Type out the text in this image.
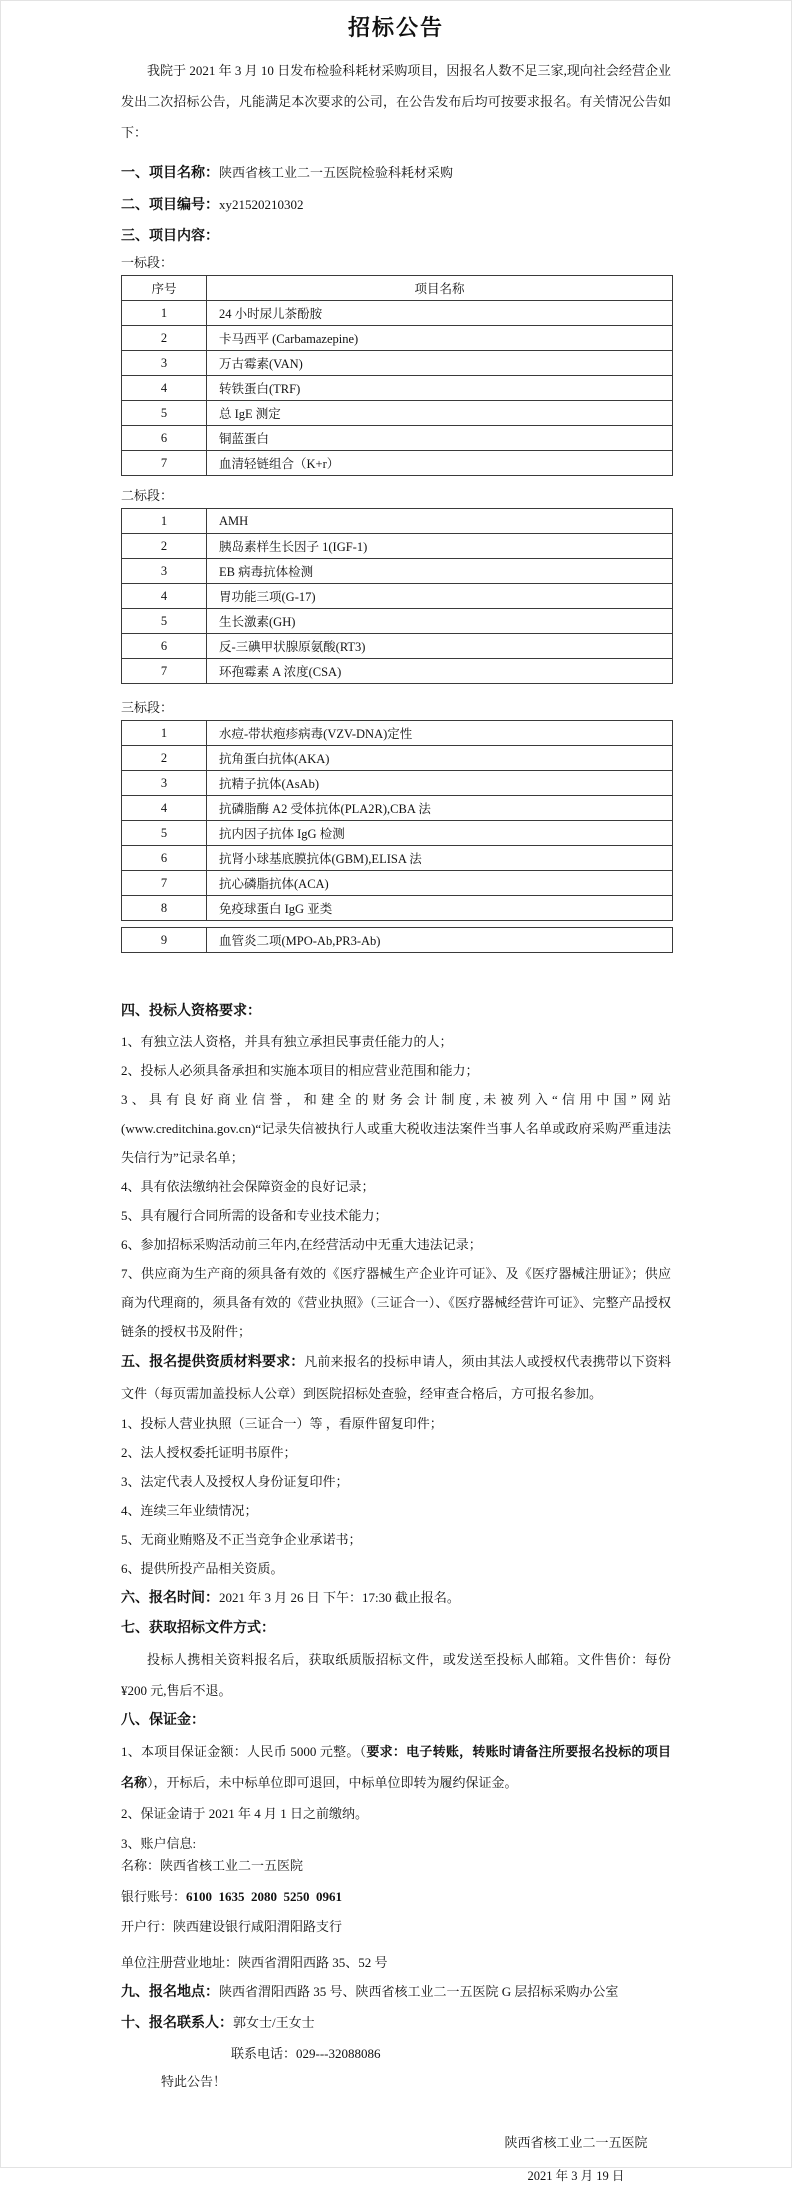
招标公告

我院于 2021 年 3 月 10 日发布检验科耗材采购项目，因报名人数不足三家,现向社会经营企业发出二次招标公告，凡能满足本次要求的公司，在公告发布后均可按要求报名。有关情况公告如下：

一、项目名称：陕西省核工业二一五医院检验科耗材采购

二、项目编号：xy21520210302

三、项目内容：

一标段：

序号	项目名称
1	24 小时尿儿茶酚胺
2	卡马西平 (Carbamazepine)
3	万古霉素(VAN)
4	转铁蛋白(TRF)
5	总 IgE 测定
6	铜蓝蛋白
7	血清轻链组合（K+r）

二标段：

1	AMH
2	胰岛素样生长因子 1(IGF-1)
3	EB 病毒抗体检测
4	胃功能三项(G-17)
5	生长激素(GH)
6	反-三碘甲状腺原氨酸(RT3)
7	环孢霉素 A 浓度(CSA)

三标段：

1	水痘-带状疱疹病毒(VZV-DNA)定性
2	抗角蛋白抗体(AKA)
3	抗精子抗体(AsAb)
4	抗磷脂酶 A2 受体抗体(PLA2R),CBA 法
5	抗内因子抗体 IgG 检测
6	抗肾小球基底膜抗体(GBM),ELISA 法
7	抗心磷脂抗体(ACA)
8	免疫球蛋白 IgG 亚类
9	血管炎二项(MPO-Ab,PR3-Ab)

四、投标人资格要求：

1、有独立法人资格，并具有独立承担民事责任能力的人；

2、投标人必须具备承担和实施本项目的相应营业范围和能力；

3、具有良好商业信誉，和建全的财务会计制度,未被列入“信用中国”网站(www.creditchina.gov.cn)“记录失信被执行人或重大税收违法案件当事人名单或政府采购严重违法失信行为”记录名单；

4、具有依法缴纳社会保障资金的良好记录；

5、具有履行合同所需的设备和专业技术能力；

6、参加招标采购活动前三年内,在经营活动中无重大违法记录；

7、供应商为生产商的须具备有效的《医疗器械生产企业许可证》、及《医疗器械注册证》；供应商为代理商的，须具备有效的《营业执照》（三证合一）、《医疗器械经营许可证》、完整产品授权链条的授权书及附件；

五、报名提供资质材料要求：凡前来报名的投标申请人，须由其法人或授权代表携带以下资料文件（每页需加盖投标人公章）到医院招标处查验，经审查合格后，方可报名参加。

1、投标人营业执照（三证合一）等 ，看原件留复印件；

2、法人授权委托证明书原件；

3、法定代表人及授权人身份证复印件；

4、连续三年业绩情况；

5、无商业贿赂及不正当竞争企业承诺书；

6、提供所投产品相关资质。

六、报名时间：2021 年 3 月 26 日 下午：17:30 截止报名。

七、获取招标文件方式：

投标人携相关资料报名后，获取纸质版招标文件，或发送至投标人邮箱。文件售价：每份¥200 元,售后不退。

八、保证金：

1、本项目保证金额：人民币 5000 元整。（要求：电子转账，转账时请备注所要报名投标的项目名称），开标后，未中标单位即可退回，中标单位即转为履约保证金。

2、保证金请于 2021 年 4 月 1 日之前缴纳。

3、账户信息:

名称：陕西省核工业二一五医院

银行账号：6100  1635  2080  5250  0961

开户行：陕西建设银行咸阳渭阳路支行

单位注册营业地址：陕西省渭阳西路 35、52 号

九、报名地点：陕西省渭阳西路 35 号、陕西省核工业二一五医院 G 层招标采购办公室

十、报名联系人：郭女士/王女士

联系电话：029---32088086

特此公告！

陕西省核工业二一五医院

2021 年 3 月 19 日
